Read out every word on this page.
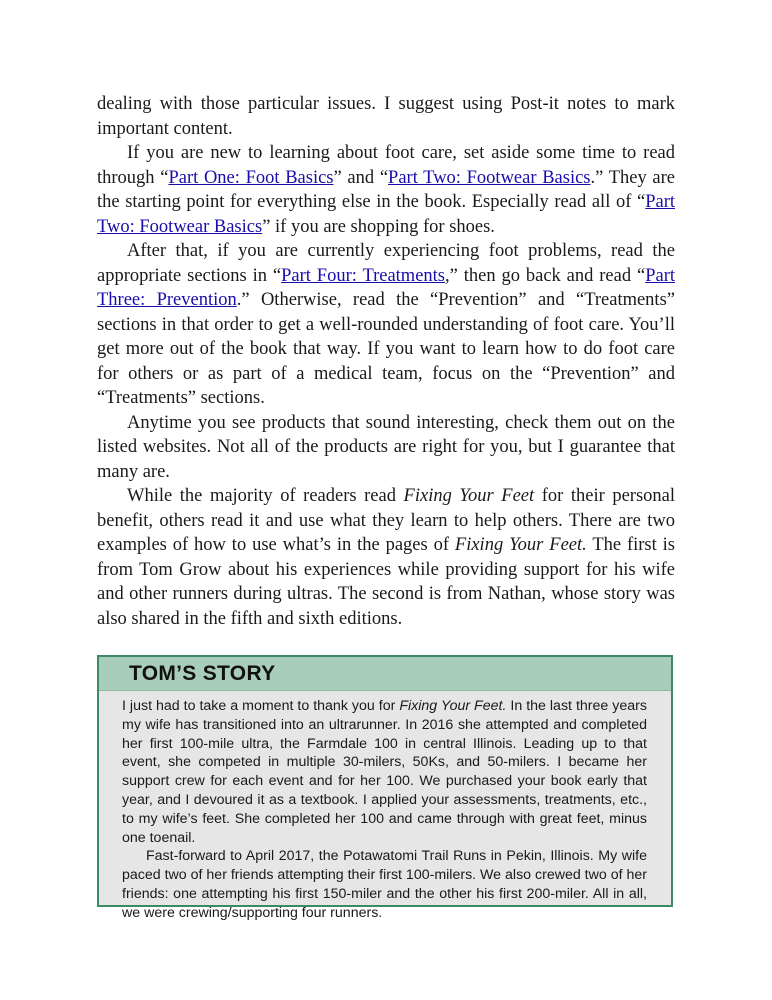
dealing with those particular issues. I suggest using Post-it notes to mark important content.

If you are new to learning about foot care, set aside some time to read through “Part One: Foot Basics” and “Part Two: Footwear Basics.” They are the starting point for everything else in the book. Especially read all of “Part Two: Footwear Basics” if you are shopping for shoes.

After that, if you are currently experiencing foot problems, read the appropriate sections in “Part Four: Treatments,” then go back and read “Part Three: Prevention.” Otherwise, read the “Prevention” and “Treatments” sections in that order to get a well-rounded understanding of foot care. You’ll get more out of the book that way. If you want to learn how to do foot care for others or as part of a medical team, focus on the “Prevention” and “Treatments” sections.

Anytime you see products that sound interesting, check them out on the listed websites. Not all of the products are right for you, but I guarantee that many are.

While the majority of readers read Fixing Your Feet for their personal benefit, others read it and use what they learn to help others. There are two examples of how to use what’s in the pages of Fixing Your Feet. The first is from Tom Grow about his experiences while providing support for his wife and other runners during ultras. The second is from Nathan, whose story was also shared in the fifth and sixth editions.

TOM’S STORY

I just had to take a moment to thank you for Fixing Your Feet. In the last three years my wife has transitioned into an ultrarunner. In 2016 she attempted and completed her first 100-mile ultra, the Farmdale 100 in central Illinois. Leading up to that event, she competed in multiple 30-milers, 50Ks, and 50-milers. I became her support crew for each event and for her 100. We purchased your book early that year, and I devoured it as a textbook. I applied your assessments, treatments, etc., to my wife’s feet. She completed her 100 and came through with great feet, minus one toenail.

Fast-forward to April 2017, the Potawatomi Trail Runs in Pekin, Illinois. My wife paced two of her friends attempting their first 100-milers. We also crewed two of her friends: one attempting his first 150-miler and the other his first 200-miler. All in all, we were crewing/supporting four runners.
